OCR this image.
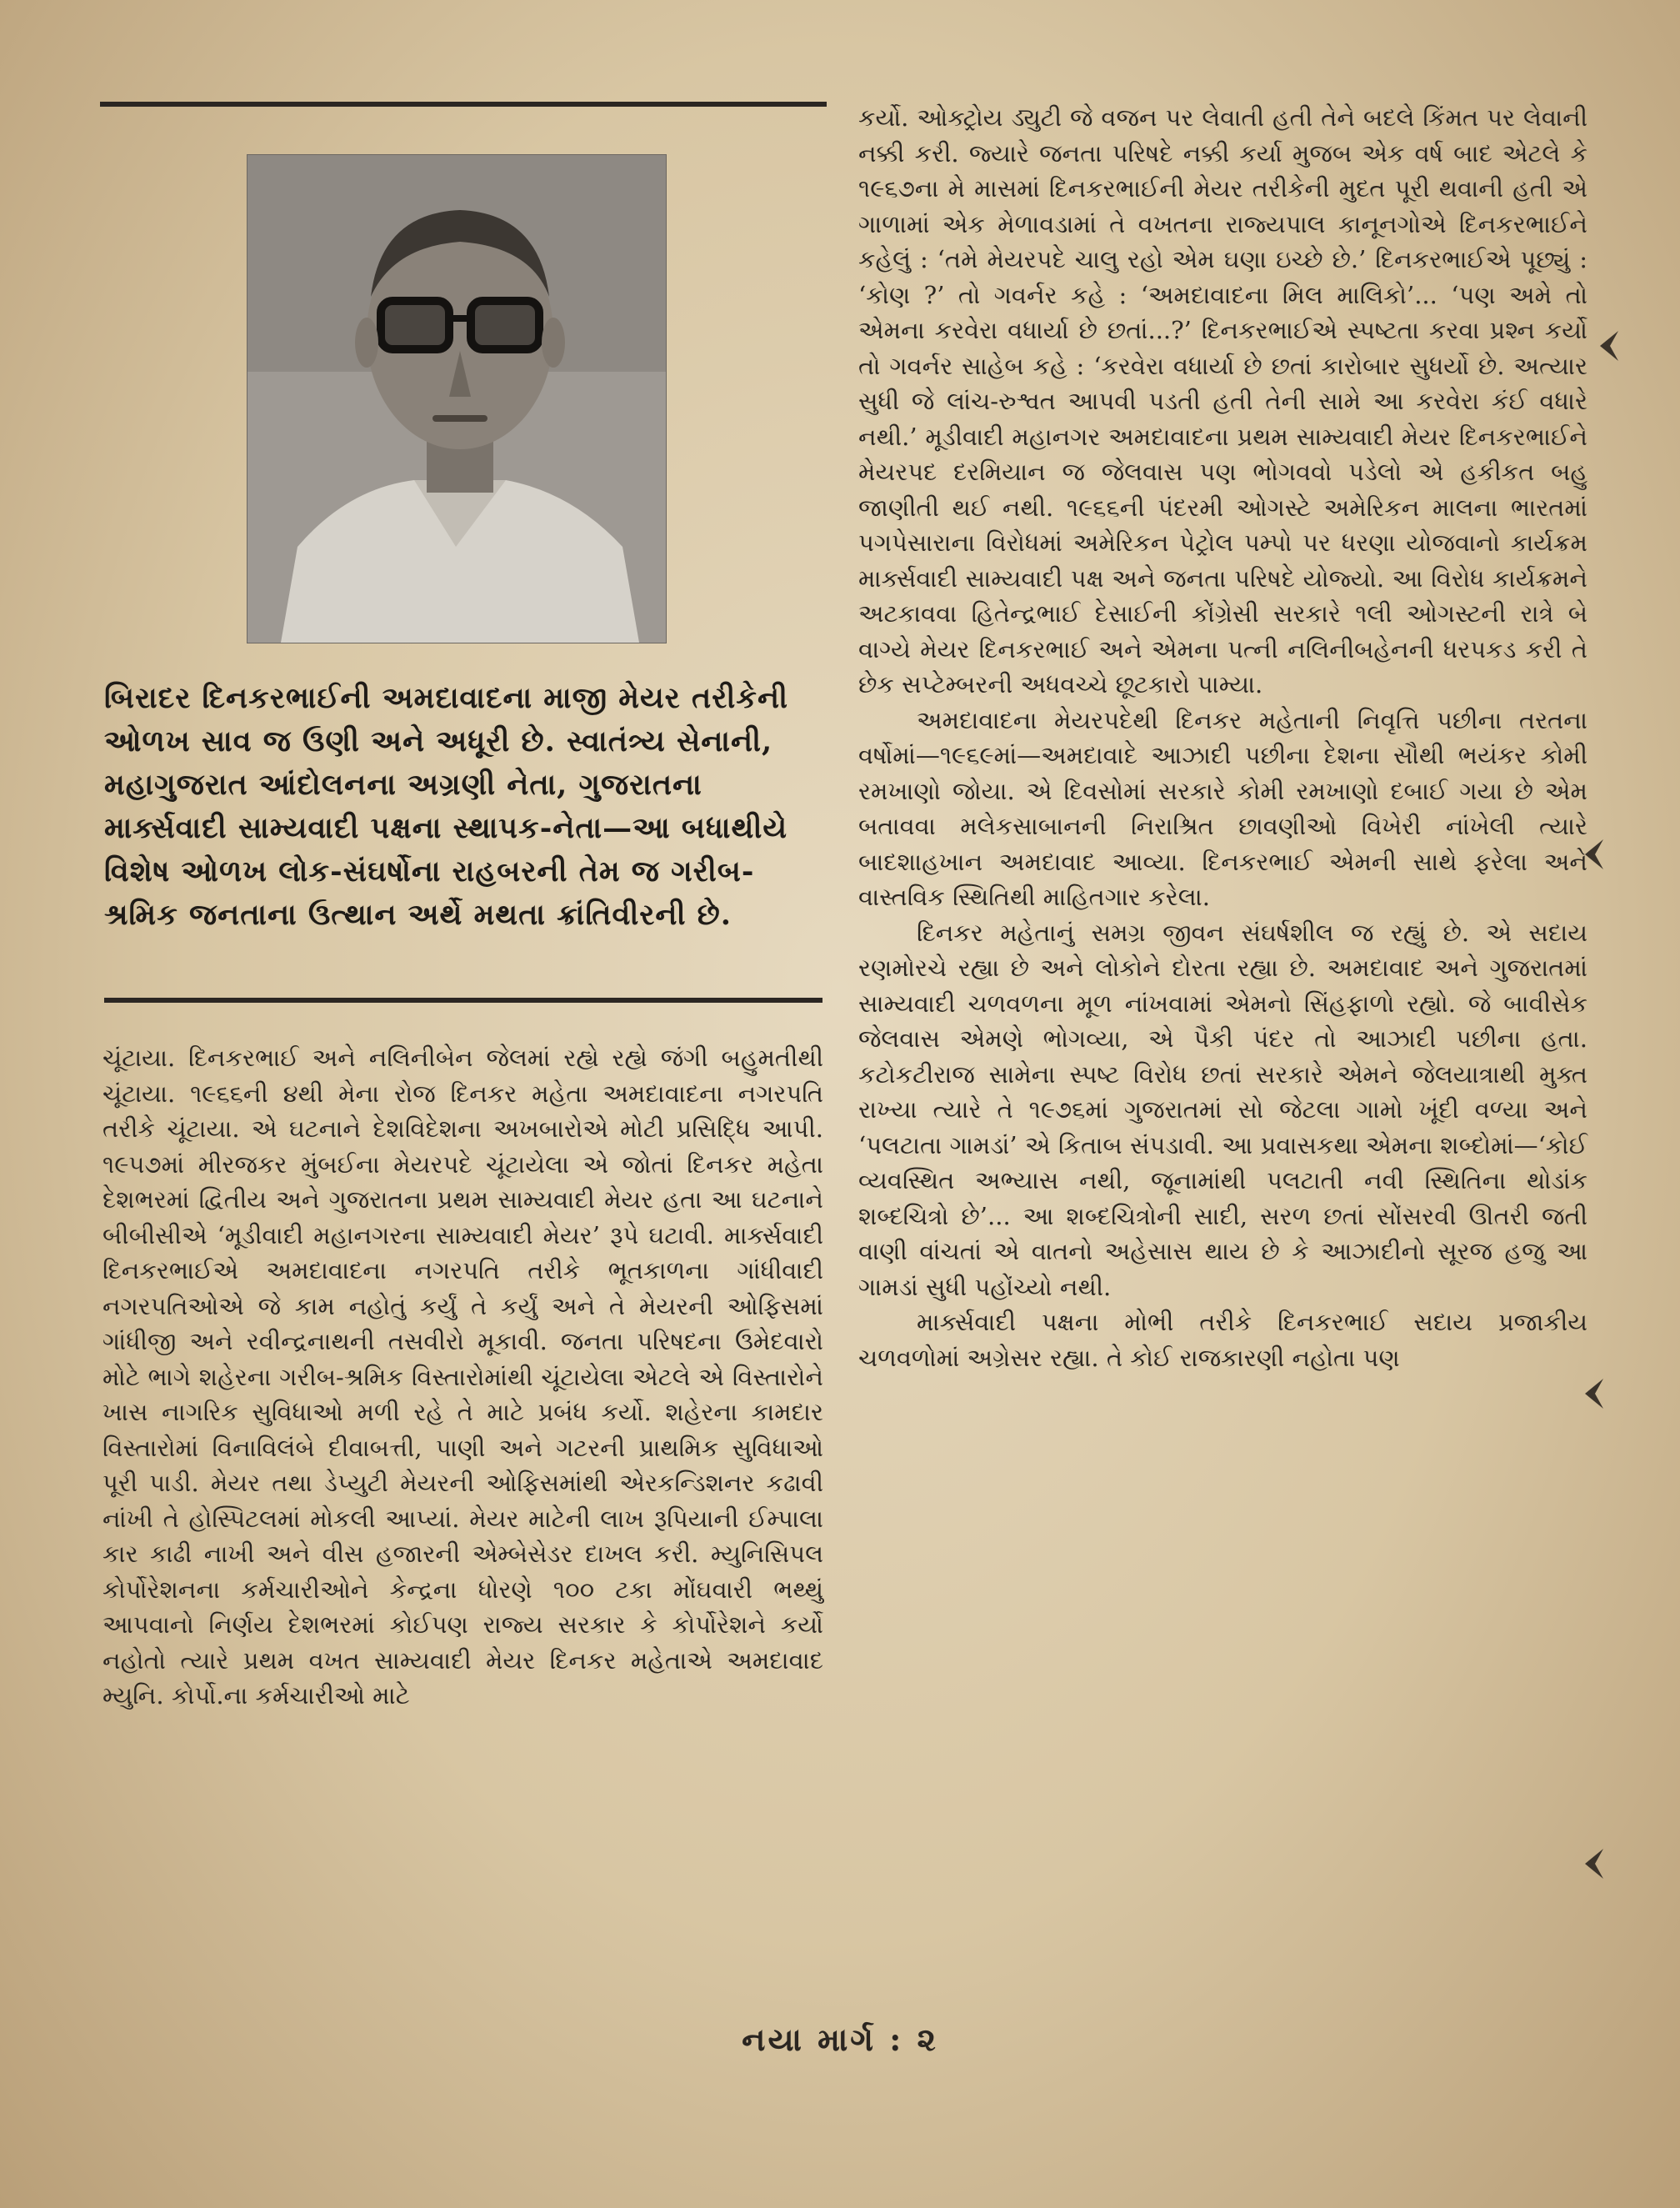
બિરાદર દિનકરભાઈની અમદાવાદના માજી મેયર તરીકેની ઓળખ સાવ જ ઉણી અને અધૂરી છે. સ્વાતંત્ર્ય સેનાની, મહાગુજરાત આંદોલનના અગ્રણી નેતા, ગુજરાતના માર્ક્સવાદી સામ્યવાદી પક્ષના સ્થાપક-નેતા—આ બધાથીયે વિશેષ ઓળખ લોક-સંઘર્ષોના રાહબરની તેમ જ ગરીબ-શ્રમિક જનતાના ઉત્થાન અર્થે મથતા ક્રાંતિવીરની છે.

ચૂંટાયા. દિનકરભાઈ અને નલિનીબેન જેલમાં રહ્યે રહ્યે જંગી બહુમતીથી ચૂંટાયા. ૧૯૬૬ની ૪થી મેના રોજ દિનકર મહેતા અમદાવાદના નગરપતિ તરીકે ચૂંટાયા. એ ઘટનાને દેશવિદેશના અખબારોએ મોટી પ્રસિદ્ધિ આપી. ૧૯૫૭માં મીરજકર મુંબઈના મેયરપદે ચૂંટાયેલા એ જોતાં દિનકર મહેતા દેશભરમાં દ્વિતીય અને ગુજરાતના પ્રથમ સામ્યવાદી મેયર હતા આ ઘટનાને બીબીસીએ ‘મૂડીવાદી મહાનગરના સામ્યવાદી મેયર’ રૂપે ઘટાવી. માર્ક્સવાદી દિનકરભાઈએ અમદાવાદના નગરપતિ તરીકે ભૂતકાળના ગાંધીવાદી નગરપતિઓએ જે કામ નહોતું કર્યું તે કર્યું અને તે મેયરની ઓફિસમાં ગાંધીજી અને રવીન્દ્રનાથની તસવીરો મૂકાવી. જનતા પરિષદના ઉમેદવારો મોટે ભાગે શહેરના ગરીબ-શ્રમિક વિસ્તારોમાંથી ચૂંટાયેલા એટલે એ વિસ્તારોને ખાસ નાગરિક સુવિધાઓ મળી રહે તે માટે પ્રબંધ કર્યો. શહેરના કામદાર વિસ્તારોમાં વિનાવિલંબે દીવાબત્તી, પાણી અને ગટરની પ્રાથમિક સુવિધાઓ પૂરી પાડી. મેયર તથા ડેપ્યુટી મેયરની ઓફિસમાંથી એરકન્ડિશનર કઢાવી નાંખી તે હોસ્પિટલમાં મોકલી આપ્યાં. મેયર માટેની લાખ રૂપિયાની ઈમ્પાલા કાર કાઢી નાખી અને વીસ હજારની એમ્બેસેડર દાખલ કરી. મ્યુનિસિપલ કોર્પોરેશનના કર્મચારીઓને કેન્દ્રના ધોરણે ૧૦૦ ટકા મોંઘવારી ભથ્થું આપવાનો નિર્ણય દેશભરમાં કોઈપણ રાજ્ય સરકાર કે કોર્પોરેશને કર્યો નહોતો ત્યારે પ્રથમ વખત સામ્યવાદી મેયર દિનકર મહેતાએ અમદાવાદ મ્યુનિ. કોર્પો.ના કર્મચારીઓ માટે

કર્યો. ઓક્ટ્રોય ડ્યુટી જે વજન પર લેવાતી હતી તેને બદલે કિંમત પર લેવાની નક્કી કરી. જ્યારે જનતા પરિષદે નક્કી કર્યા મુજબ એક વર્ષ બાદ એટલે કે ૧૯૬૭ના મે માસમાં દિનકરભાઈની મેયર તરીકેની મુદત પૂરી થવાની હતી એ ગાળામાં એક મેળાવડામાં તે વખતના રાજ્યપાલ કાનૂનગોએ દિનકરભાઈને કહેલું : ‘તમે મેયરપદે ચાલુ રહો એમ ઘણા ઇચ્છે છે.’ દિનકરભાઈએ પૂછ્યું : ‘કોણ ?’ તો ગવર્નર કહે : ‘અમદાવાદના મિલ માલિકો’... ‘પણ અમે તો એમના કરવેરા વધાર્યા છે છતાં...?’ દિનકરભાઈએ સ્પષ્ટતા કરવા પ્રશ્ન કર્યો તો ગવર્નર સાહેબ કહે : ‘કરવેરા વધાર્યા છે છતાં કારોબાર સુધર્યો છે. અત્યાર સુધી જે લાંચ-રુશ્વત આપવી પડતી હતી તેની સામે આ કરવેરા કંઈ વધારે નથી.’ મૂડીવાદી મહાનગર અમદાવાદના પ્રથમ સામ્યવાદી મેયર દિનકરભાઈને મેયરપદ દરમિયાન જ જેલવાસ પણ ભોગવવો પડેલો એ હકીકત બહુ જાણીતી થઈ નથી. ૧૯૬૬ની પંદરમી ઓગસ્ટે અમેરિકન માલના ભારતમાં પગપેસારાના વિરોધમાં અમેરિકન પેટ્રોલ પમ્પો પર ધરણા યોજવાનો કાર્યક્રમ માર્ક્સવાદી સામ્યવાદી પક્ષ અને જનતા પરિષદે યોજ્યો. આ વિરોધ કાર્યક્રમને અટકાવવા હિતેન્દ્રભાઈ દેસાઈની કોંગ્રેસી સરકારે ૧લી ઓગસ્ટની રાત્રે બે વાગ્યે મેયર દિનકરભાઈ અને એમના પત્ની નલિનીબહેનની ધરપકડ કરી તે છેક સપ્ટેમ્બરની અધવચ્ચે છૂટકારો પામ્યા.

અમદાવાદના મેયરપદેથી દિનકર મહેતાની નિવૃત્તિ પછીના તરતના વર્ષોમાં—૧૯૬૯માં—અમદાવાદે આઝાદી પછીના દેશના સૌથી ભયંકર કોમી રમખાણો જોયા. એ દિવસોમાં સરકારે કોમી રમખાણો દબાઈ ગયા છે એમ બતાવવા મલેકસાબાનની નિરાશ્રિત છાવણીઓ વિખેરી નાંખેલી ત્યારે બાદશાહખાન અમદાવાદ આવ્યા. દિનકરભાઈ એમની સાથે ફરેલા અને વાસ્તવિક સ્થિતિથી માહિતગાર કરેલા.

દિનકર મહેતાનું સમગ્ર જીવન સંઘર્ષશીલ જ રહ્યું છે. એ સદાય રણમોરચે રહ્યા છે અને લોકોને દોરતા રહ્યા છે. અમદાવાદ અને ગુજરાતમાં સામ્યવાદી ચળવળના મૂળ નાંખવામાં એમનો સિંહફાળો રહ્યો. જે બાવીસેક જેલવાસ એમણે ભોગવ્યા, એ પૈકી પંદર તો આઝાદી પછીના હતા. કટોકટીરાજ સામેના સ્પષ્ટ વિરોધ છતાં સરકારે એમને જેલયાત્રાથી મુક્ત રાખ્યા ત્યારે તે ૧૯૭૬માં ગુજરાતમાં સો જેટલા ગામો ખૂંદી વળ્યા અને ‘પલટાતા ગામડાં’ એ કિતાબ સંપડાવી. આ પ્રવાસકથા એમના શબ્દોમાં—‘કોઈ વ્યવસ્થિત અભ્યાસ નથી, જૂનામાંથી પલટાતી નવી સ્થિતિના થોડાંક શબ્દચિત્રો છે’... આ શબ્દચિત્રોની સાદી, સરળ છતાં સોંસરવી ઊતરી જતી વાણી વાંચતાં એ વાતનો અહેસાસ થાય છે કે આઝાદીનો સૂરજ હજુ આ ગામડાં સુધી પહોંચ્યો નથી.

માર્ક્સવાદી પક્ષના મોભી તરીકે દિનકરભાઈ સદાય પ્રજાકીય ચળવળોમાં અગ્રેસર રહ્યા. તે કોઈ રાજકારણી નહોતા પણ

નયા માર્ગ : ૨
